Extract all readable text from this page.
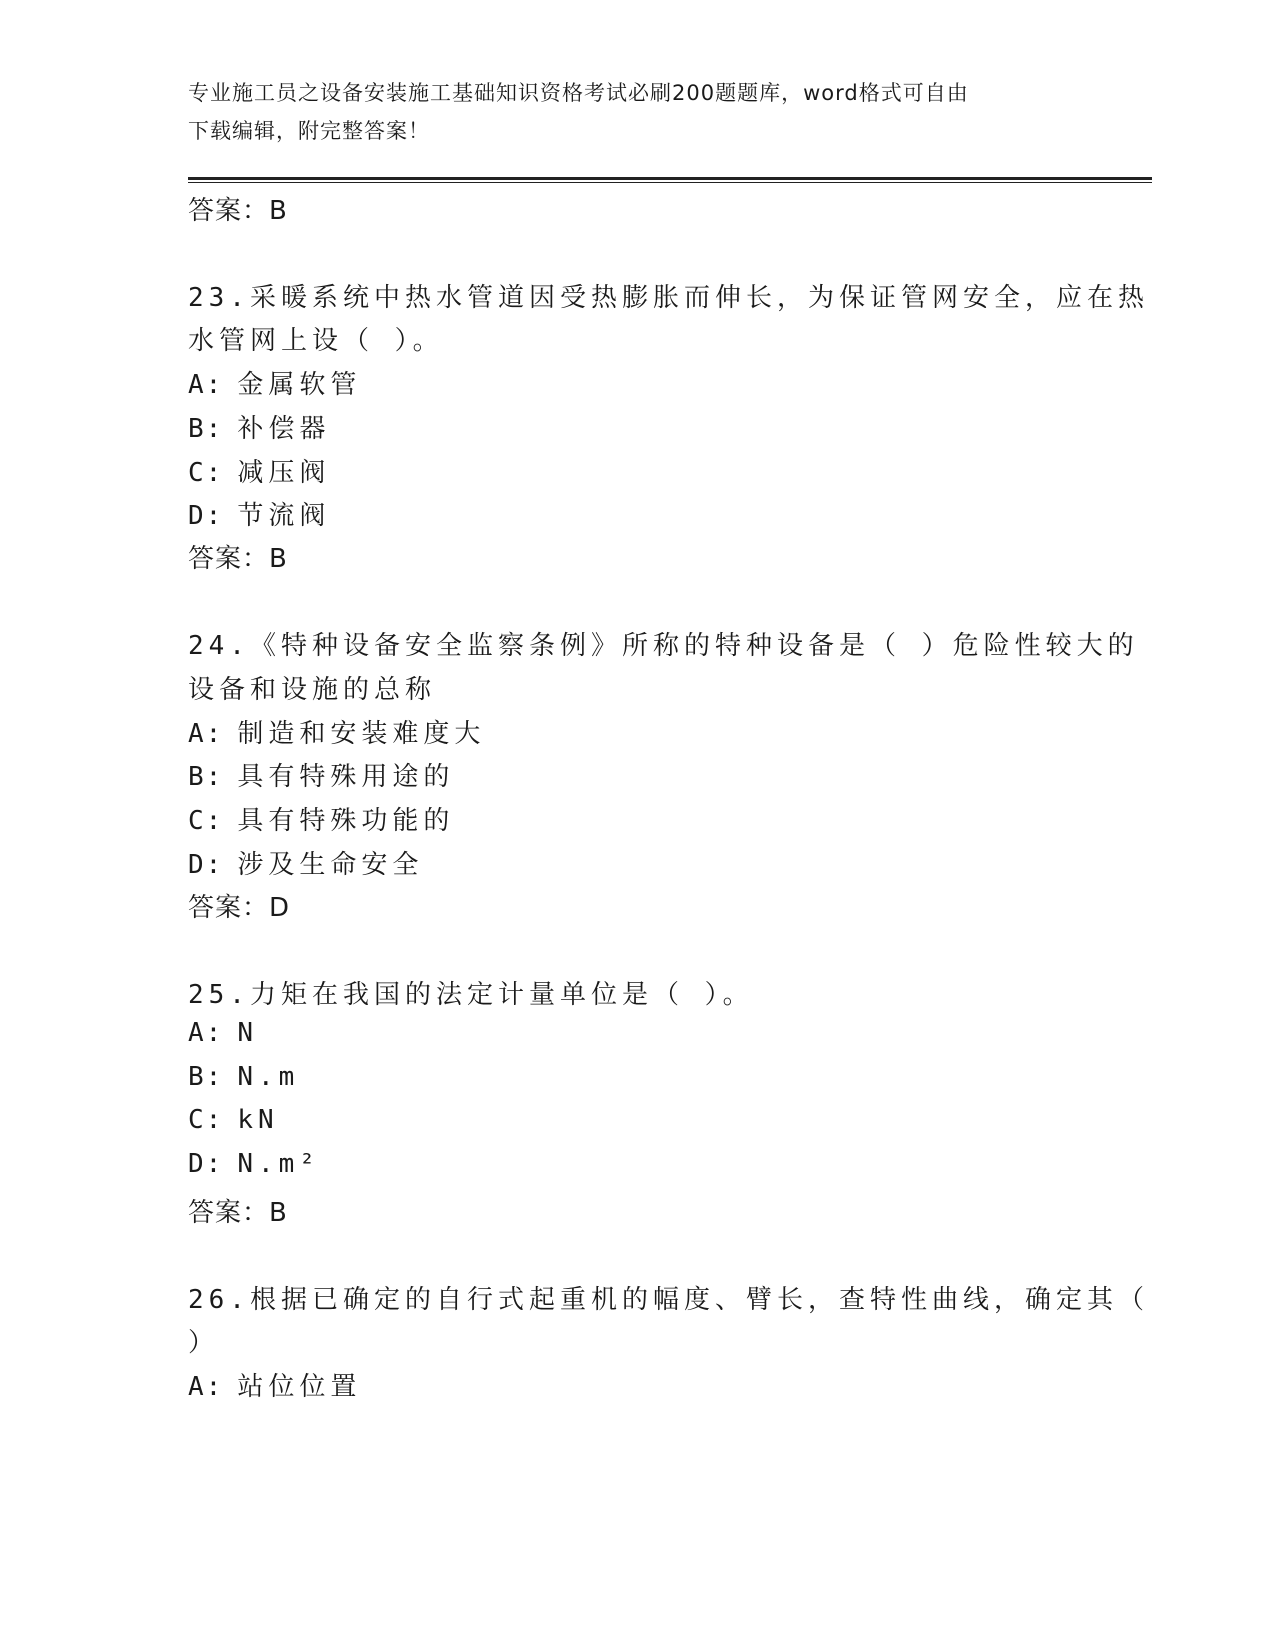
专业施工员之设备安装施工基础知识资格考试必刷200题题库，word格式可自由
下载编辑，附完整答案！
答案：B
23.采暖系统中热水管道因受热膨胀而伸长，为保证管网安全，应在热
水管网上设（ ）。
A: 金属软管
B: 补偿器
C: 减压阀
D: 节流阀
答案：B
24.《特种设备安全监察条例》所称的特种设备是（ ）危险性较大的
设备和设施的总称
A: 制造和安装难度大
B: 具有特殊用途的
C: 具有特殊功能的
D: 涉及生命安全
答案：D
25.力矩在我国的法定计量单位是（ ）。
A: N
B: N.m
C: kN
D: N.m²
答案：B
26.根据已确定的自行式起重机的幅度、臂长，查特性曲线，确定其（
）
A: 站位位置
